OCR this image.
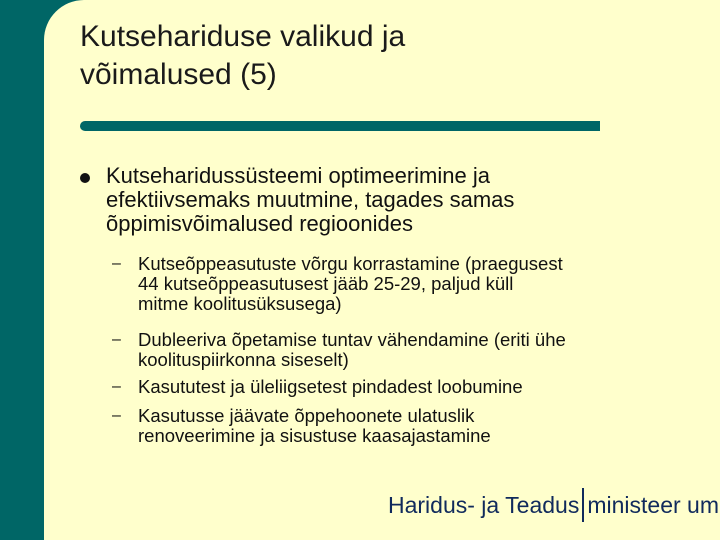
Kutsehariduse valikud ja
võimalused (5)
Kutseharidussüsteemi optimeerimine ja
efektiivsemaks muutmine, tagades samas
õppimisvõimalused regioonides
– Kutseõppeasutuste võrgu korrastamine (praegusest
44 kutseõppeasutusest jääb 25-29, paljud küll
mitme koolitusüksusega)
– Dubleeriva õpetamise tuntav vähendamine (eriti ühe
koolituspiirkonna siseselt)
– Kasututest ja üleliigsetest pindadest loobumine
– Kasutusse jäävate õppehoonete ulatuslik
renoveerimine ja sisustuse kaasajastamine
Haridus- ja Teadus ministeer um
